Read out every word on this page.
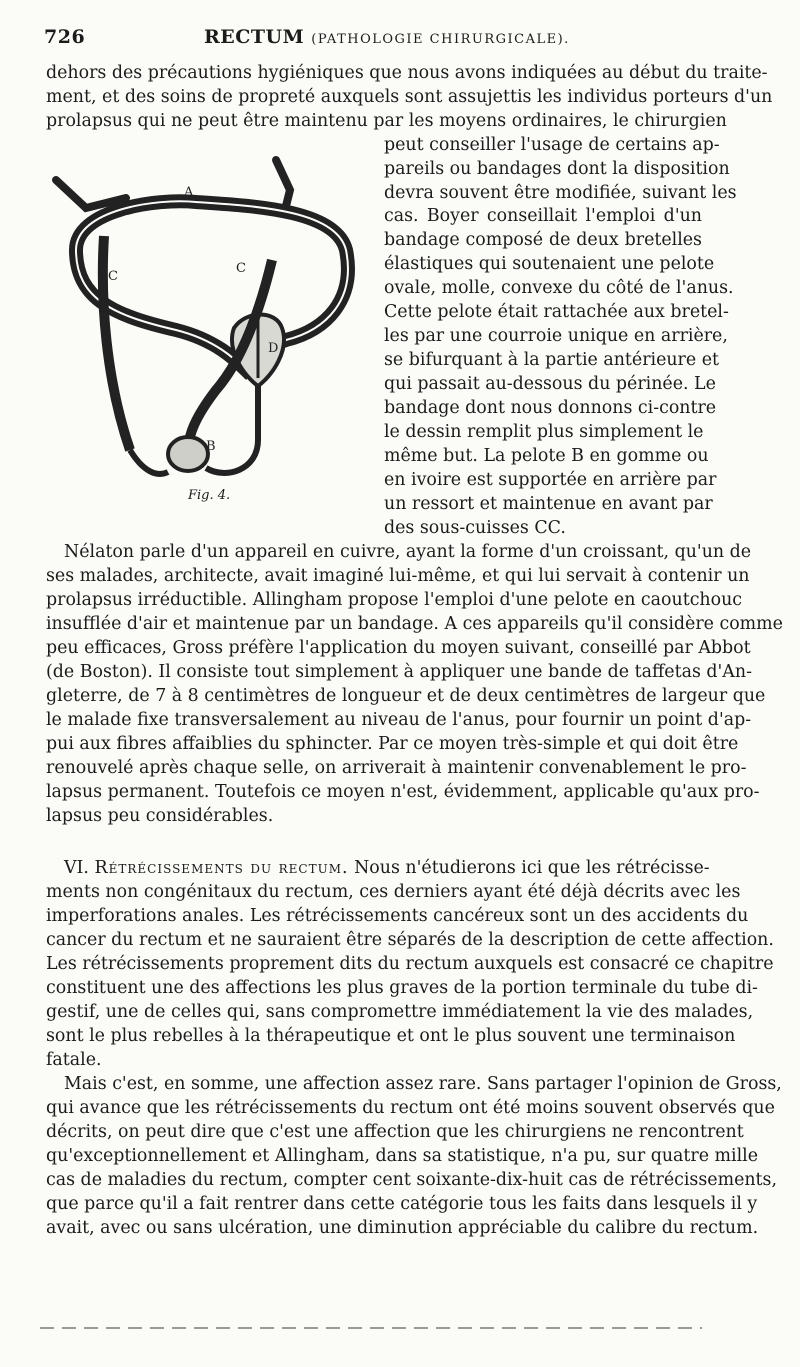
726	RECTUM (PATHOLOGIE CHIRURGICALE).
dehors des précautions hygiéniques que nous avons indiquées au début du traite-
ment, et des soins de propreté auxquels sont assujettis les individus porteurs d'un
prolapsus qui ne peut être maintenu par les moyens ordinaires, le chirurgien
A
C
C
D
B
Fig. 4.
peut conseiller l'usage de certains ap-
pareils ou bandages dont la disposition
devra souvent être modifiée, suivant les
cas. Boyer conseillait l'emploi d'un
bandage composé de deux bretelles
élastiques qui soutenaient une pelote
ovale, molle, convexe du côté de l'anus.
Cette pelote était rattachée aux bretel-
les par une courroie unique en arrière,
se bifurquant à la partie antérieure et
qui passait au-dessous du périnée. Le
bandage dont nous donnons ci-contre
le dessin remplit plus simplement le
même but. La pelote B en gomme ou
en ivoire est supportée en arrière par
un ressort et maintenue en avant par
des sous-cuisses CC.
Nélaton parle d'un appareil en cuivre, ayant la forme d'un croissant, qu'un de
ses malades, architecte, avait imaginé lui-même, et qui lui servait à contenir un
prolapsus irréductible. Allingham propose l'emploi d'une pelote en caoutchouc
insufflée d'air et maintenue par un bandage. A ces appareils qu'il considère comme
peu efficaces, Gross préfère l'application du moyen suivant, conseillé par Abbot
(de Boston). Il consiste tout simplement à appliquer une bande de taffetas d'An-
gleterre, de 7 à 8 centimètres de longueur et de deux centimètres de largeur que
le malade fixe transversalement au niveau de l'anus, pour fournir un point d'ap-
pui aux fibres affaiblies du sphincter. Par ce moyen très-simple et qui doit être
renouvelé après chaque selle, on arriverait à maintenir convenablement le pro-
lapsus permanent. Toutefois ce moyen n'est, évidemment, applicable qu'aux pro-
lapsus peu considérables.
VI. Rétrécissements du rectum. Nous n'étudierons ici que les rétrécisse-
ments non congénitaux du rectum, ces derniers ayant été déjà décrits avec les
imperforations anales. Les rétrécissements cancéreux sont un des accidents du
cancer du rectum et ne sauraient être séparés de la description de cette affection.
Les rétrécissements proprement dits du rectum auxquels est consacré ce chapitre
constituent une des affections les plus graves de la portion terminale du tube di-
gestif, une de celles qui, sans compromettre immédiatement la vie des malades,
sont le plus rebelles à la thérapeutique et ont le plus souvent une terminaison
fatale.
Mais c'est, en somme, une affection assez rare. Sans partager l'opinion de Gross,
qui avance que les rétrécissements du rectum ont été moins souvent observés que
décrits, on peut dire que c'est une affection que les chirurgiens ne rencontrent
qu'exceptionnellement et Allingham, dans sa statistique, n'a pu, sur quatre mille
cas de maladies du rectum, compter cent soixante-dix-huit cas de rétrécissements,
que parce qu'il a fait rentrer dans cette catégorie tous les faits dans lesquels il y
avait, avec ou sans ulcération, une diminution appréciable du calibre du rectum.
